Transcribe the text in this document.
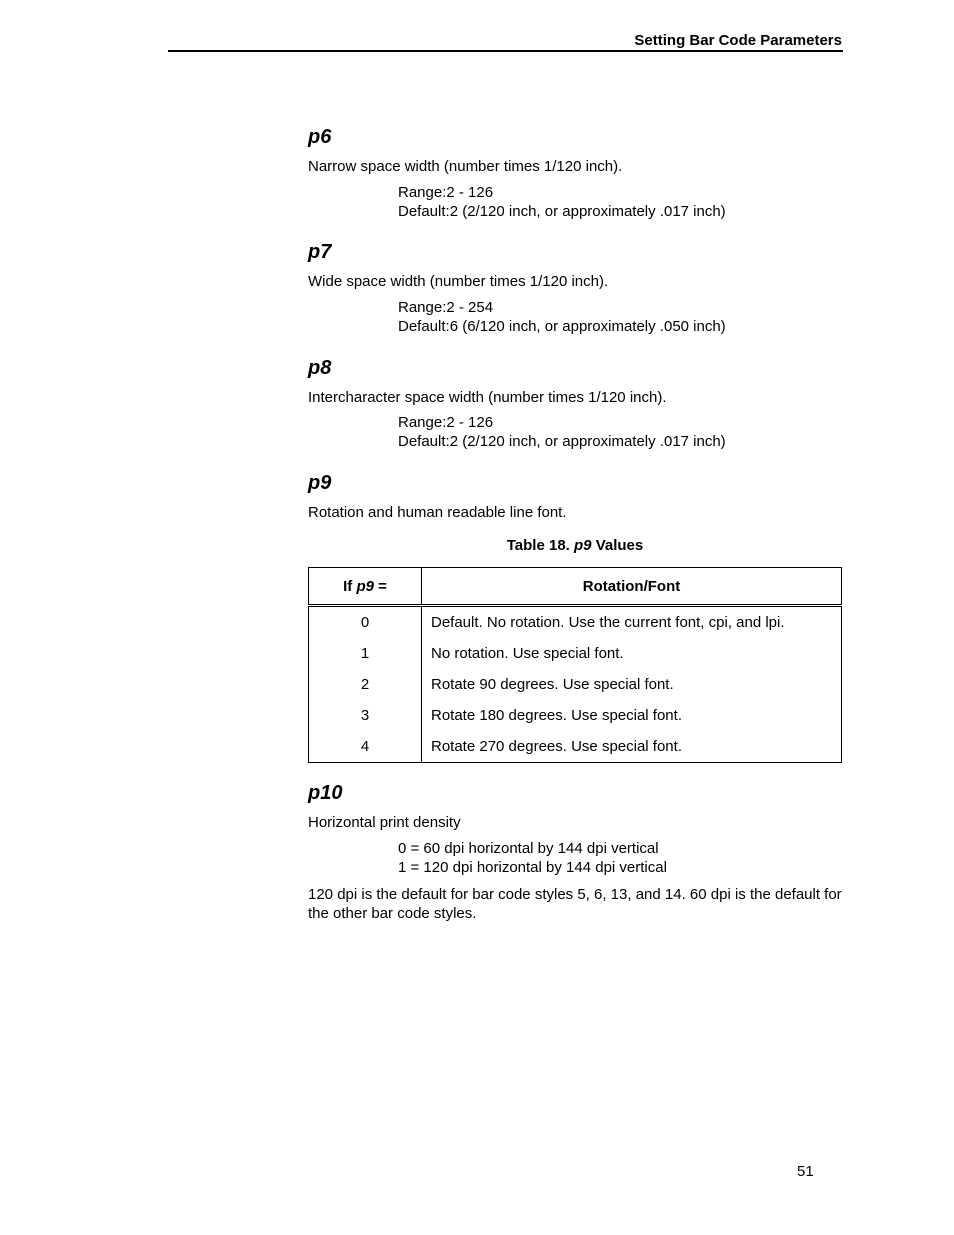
Setting Bar Code Parameters
p6
Narrow space width (number times 1/120 inch).
Range:2 - 126
Default:2 (2/120 inch, or approximately .017 inch)
p7
Wide space width (number times 1/120 inch).
Range:2 - 254
Default:6 (6/120 inch, or approximately .050 inch)
p8
Intercharacter space width (number times 1/120 inch).
Range:2 - 126
Default:2 (2/120 inch, or approximately .017 inch)
p9
Rotation and human readable line font.
Table 18. p9 Values
If p9 =	Rotation/Font
0	Default. No rotation. Use the current font, cpi, and lpi.
1	No rotation. Use special font.
2	Rotate 90 degrees. Use special font.
3	Rotate 180 degrees. Use special font.
4	Rotate 270 degrees. Use special font.
p10
Horizontal print density
0 = 60 dpi horizontal by 144 dpi vertical
1 = 120 dpi horizontal by 144 dpi vertical
120 dpi is the default for bar code styles 5, 6, 13, and 14. 60 dpi is the default for the other bar code styles.
51
